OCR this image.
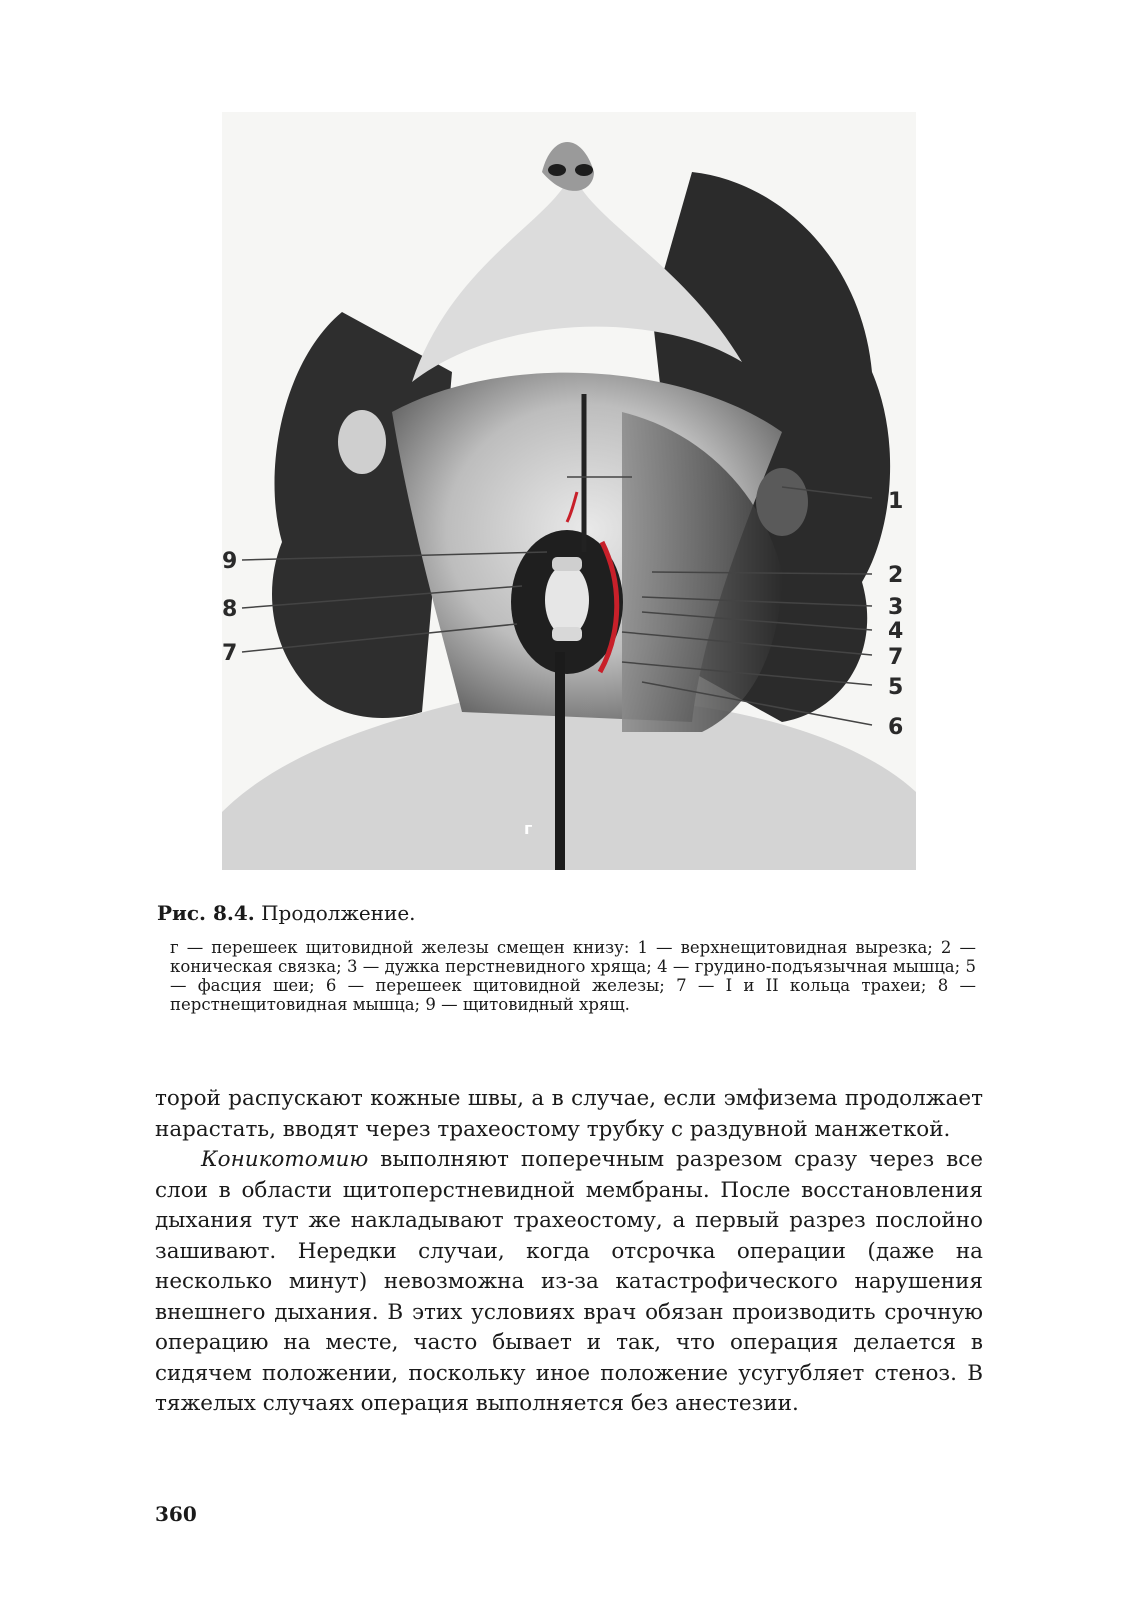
1
2
3
4
7
5
6
9
8
7
г
Рис. 8.4. Продолжение.
г — перешеек щитовидной железы смещен книзу: 1 — верхнещитовидная вырезка; 2 — коническая связка; 3 — дужка перстневидного хряща; 4 — грудино-подъязычная мышца; 5 — фасция шеи; 6 — перешеек щитовидной железы; 7 — I и II кольца трахеи; 8 — перстнещитовидная мышца; 9 — щитовидный хрящ.

торой распускают кожные швы, а в случае, если эмфизема продолжает нарастать, вводят через трахеостому трубку с раздувной манжеткой.

Коникотомию выполняют поперечным разрезом сразу через все слои в области щитоперстневидной мембраны. После восстановления дыхания тут же накладывают трахеостому, а первый разрез послойно зашивают. Нередки случаи, когда отсрочка операции (даже на несколько минут) невозможна из-за катастрофического нарушения внешнего дыхания. В этих условиях врач обязан производить срочную операцию на месте, часто бывает и так, что операция делается в сидячем положении, поскольку иное положение усугубляет стеноз. В тяжелых случаях операция выполняется без анестезии.

360
